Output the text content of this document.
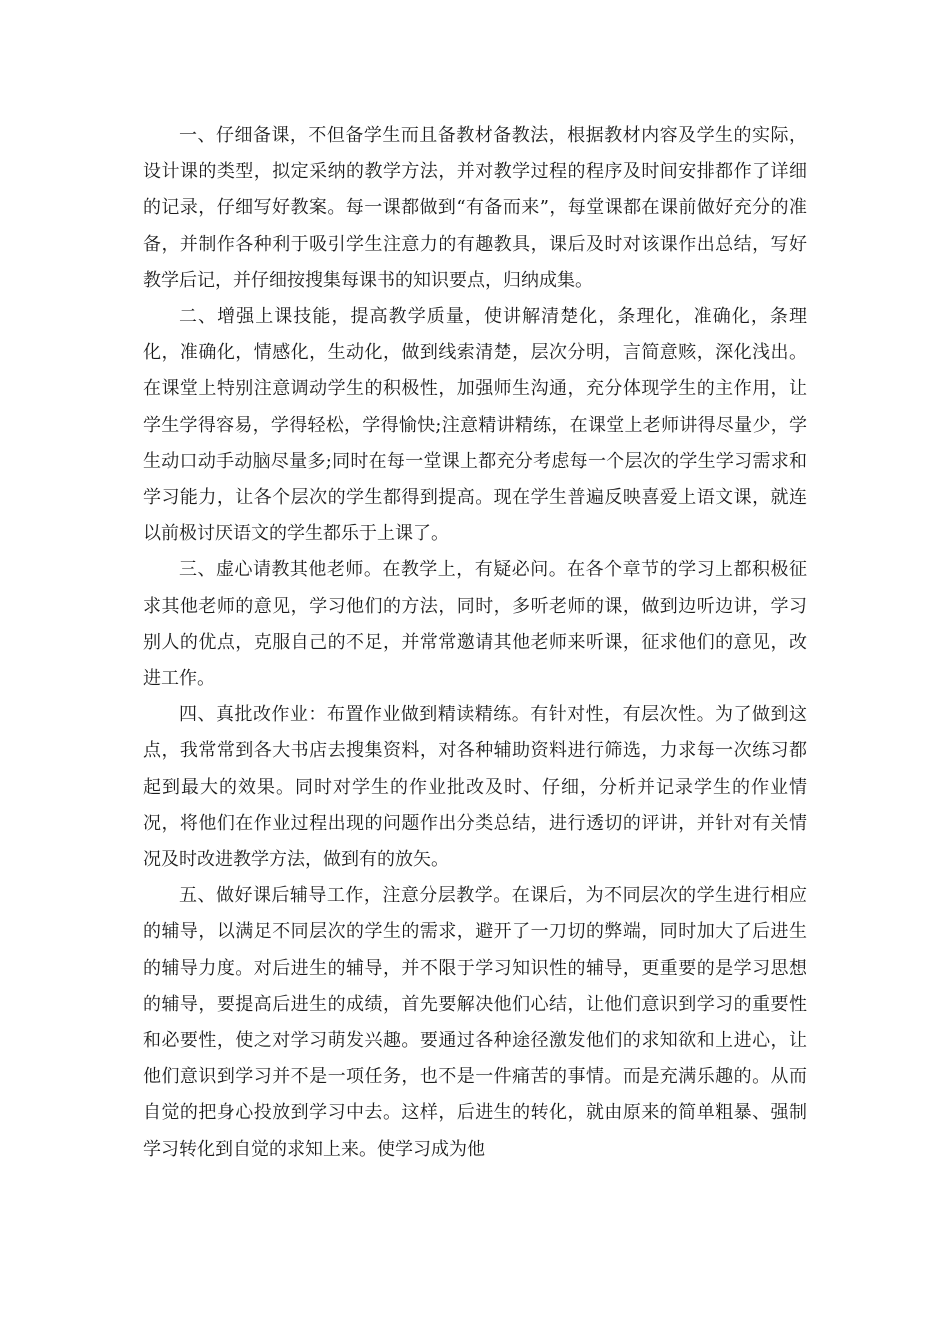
一、仔细备课，不但备学生而且备教材备教法，根据教材内容及学生的实际，设计课的类型，拟定采纳的教学方法，并对教学过程的程序及时间安排都作了详细的记录，仔细写好教案。每一课都做到“有备而来”，每堂课都在课前做好充分的准备，并制作各种利于吸引学生注意力的有趣教具，课后及时对该课作出总结，写好教学后记，并仔细按搜集每课书的知识要点，归纳成集。

二、增强上课技能，提高教学质量，使讲解清楚化，条理化，准确化，条理化，准确化，情感化，生动化，做到线索清楚，层次分明，言简意赅，深化浅出。在课堂上特别注意调动学生的积极性，加强师生沟通，充分体现学生的主作用，让学生学得容易，学得轻松，学得愉快;注意精讲精练，在课堂上老师讲得尽量少，学生动口动手动脑尽量多;同时在每一堂课上都充分考虑每一个层次的学生学习需求和学习能力，让各个层次的学生都得到提高。现在学生普遍反映喜爱上语文课，就连以前极讨厌语文的学生都乐于上课了。

三、虚心请教其他老师。在教学上，有疑必问。在各个章节的学习上都积极征求其他老师的意见，学习他们的方法，同时，多听老师的课，做到边听边讲，学习别人的优点，克服自己的不足，并常常邀请其他老师来听课，征求他们的意见，改进工作。

四、真批改作业：布置作业做到精读精练。有针对性，有层次性。为了做到这点，我常常到各大书店去搜集资料，对各种辅助资料进行筛选，力求每一次练习都起到最大的效果。同时对学生的作业批改及时、仔细，分析并记录学生的作业情况，将他们在作业过程出现的问题作出分类总结，进行透切的评讲，并针对有关情况及时改进教学方法，做到有的放矢。

五、做好课后辅导工作，注意分层教学。在课后，为不同层次的学生进行相应的辅导，以满足不同层次的学生的需求，避开了一刀切的弊端，同时加大了后进生的辅导力度。对后进生的辅导，并不限于学习知识性的辅导，更重要的是学习思想的辅导，要提高后进生的成绩，首先要解决他们心结，让他们意识到学习的重要性和必要性，使之对学习萌发兴趣。要通过各种途径激发他们的求知欲和上进心，让他们意识到学习并不是一项任务，也不是一件痛苦的事情。而是充满乐趣的。从而自觉的把身心投放到学习中去。这样，后进生的转化，就由原来的简单粗暴、强制学习转化到自觉的求知上来。使学习成为他
